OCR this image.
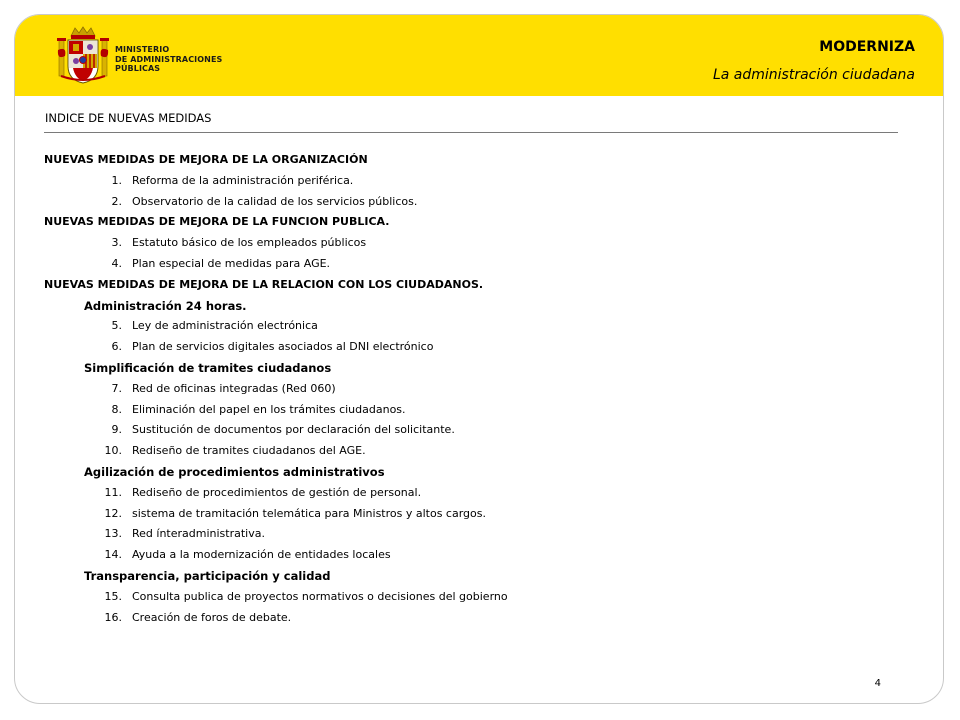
MINISTERIO
DE ADMINISTRACIONES
PÚBLICAS
MODERNIZA
La administración ciudadana
INDICE DE NUEVAS MEDIDAS
NUEVAS MEDIDAS DE MEJORA DE LA ORGANIZACIÓN
1. Reforma de la administración periférica.
2. Observatorio de la calidad de los servicios públicos.
NUEVAS MEDIDAS DE MEJORA DE LA FUNCION PUBLICA.
3. Estatuto básico de los empleados públicos
4. Plan especial de medidas para AGE.
NUEVAS MEDIDAS DE MEJORA DE LA RELACION CON LOS CIUDADANOS.
Administración 24 horas.
5. Ley de administración electrónica
6. Plan de servicios digitales asociados al DNI electrónico
Simplificación de tramites ciudadanos
7. Red de oficinas integradas (Red 060)
8. Eliminación del papel en los trámites ciudadanos.
9. Sustitución de documentos por declaración del solicitante.
10. Rediseño de tramites ciudadanos del AGE.
Agilización de procedimientos administrativos
11. Rediseño de procedimientos de gestión de personal.
12. sistema de tramitación telemática para Ministros y altos cargos.
13. Red ínteradministrativa.
14. Ayuda a la modernización de entidades locales
Transparencia, participación y calidad
15. Consulta publica de proyectos normativos o decisiones del gobierno
16. Creación de foros de debate.
4
